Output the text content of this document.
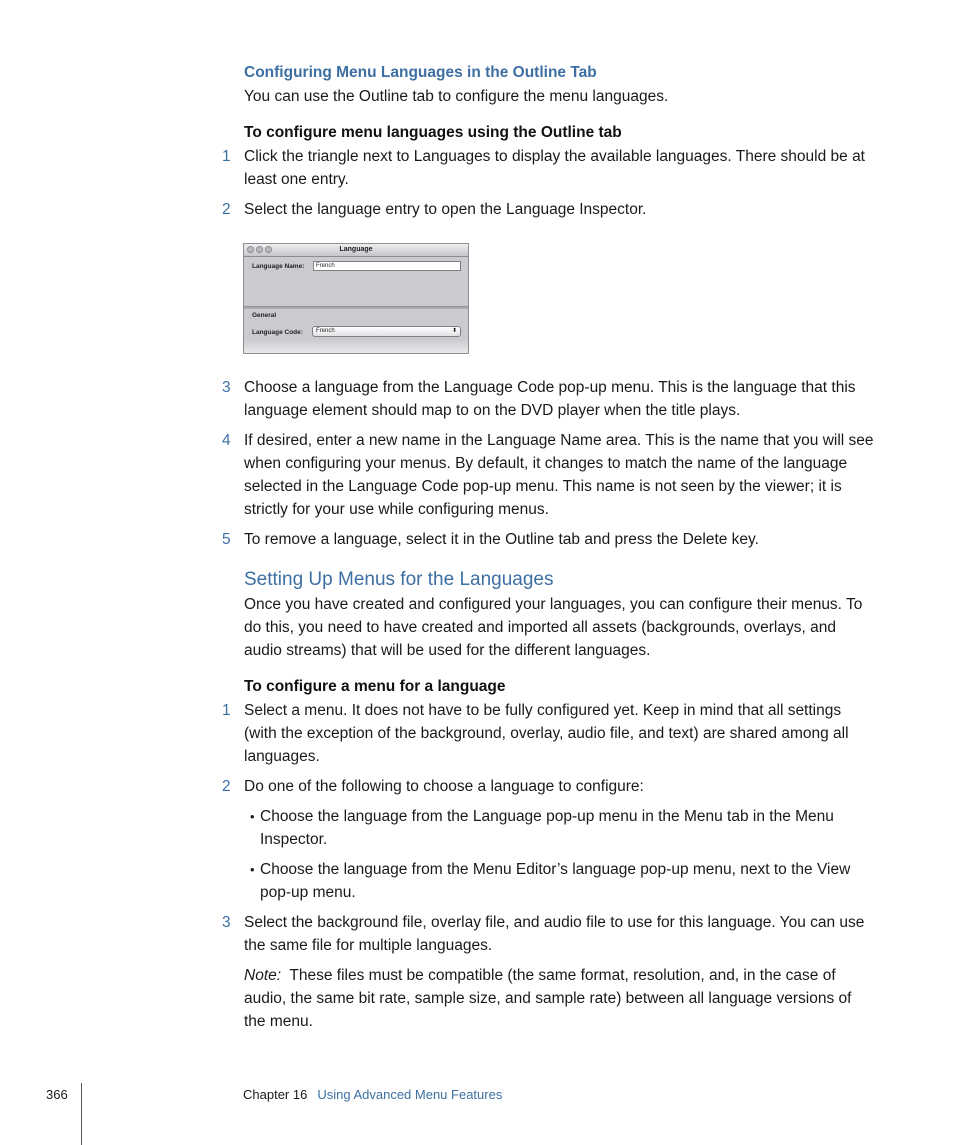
Configuring Menu Languages in the Outline Tab
You can use the Outline tab to configure the menu languages.
To configure menu languages using the Outline tab
1 Click the triangle next to Languages to display the available languages. There should be at least one entry.
2 Select the language entry to open the Language Inspector.
Language
Language Name:	French
General
Language Code:	French	⬍
3 Choose a language from the Language Code pop-up menu. This is the language that this language element should map to on the DVD player when the title plays.
4 If desired, enter a new name in the Language Name area. This is the name that you will see when configuring your menus. By default, it changes to match the name of the language selected in the Language Code pop-up menu. This name is not seen by the viewer; it is strictly for your use while configuring menus.
5 To remove a language, select it in the Outline tab and press the Delete key.
Setting Up Menus for the Languages
Once you have created and configured your languages, you can configure their menus. To do this, you need to have created and imported all assets (backgrounds, overlays, and audio streams) that will be used for the different languages.
To configure a menu for a language
1 Select a menu. It does not have to be fully configured yet. Keep in mind that all settings (with the exception of the background, overlay, audio file, and text) are shared among all languages.
2 Do one of the following to choose a language to configure:
• Choose the language from the Language pop-up menu in the Menu tab in the Menu Inspector.
• Choose the language from the Menu Editor’s language pop-up menu, next to the View pop-up menu.
3 Select the background file, overlay file, and audio file to use for this language. You can use the same file for multiple languages.
Note: These files must be compatible (the same format, resolution, and, in the case of audio, the same bit rate, sample size, and sample rate) between all language versions of the menu.
366	Chapter 16 Using Advanced Menu Features
